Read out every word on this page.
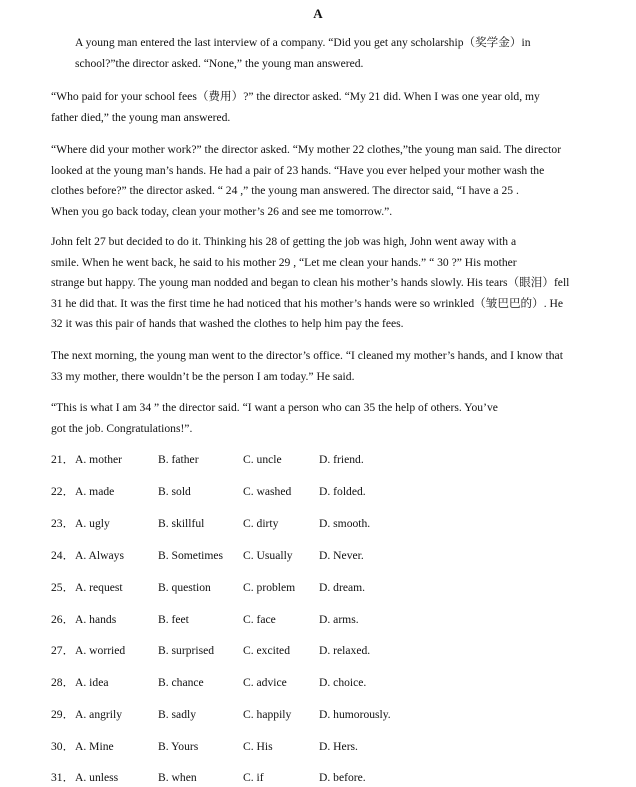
A

A young man entered the last interview of a company. “Did you get any scholarship（奖学金）in
school?”the director asked. “None,” the young man answered.

“Who paid for your school fees（费用）?” the director asked. “My 21 did. When I was one year old, my
father died,” the young man answered.

“Where did your mother work?” the director asked. “My mother 22 clothes,”the young man said. The director
looked at the young man’s hands. He had a pair of 23 hands. “Have you ever helped your mother wash the
clothes before?” the director asked. “ 24 ,” the young man answered. The director said, “I have a 25 .
When you go back today, clean your mother’s 26 and see me tomorrow.”.

John felt 27 but decided to do it. Thinking his 28 of getting the job was high, John went away with a
smile. When he went back, he said to his mother 29 , “Let me clean your hands.” “ 30 ?” His mother
strange but happy. The young man nodded and began to clean his mother’s hands slowly. His tears（眼泪）fell
31 he did that. It was the first time he had noticed that his mother’s hands were so wrinkled（皱巴巴的）. He
32 it was this pair of hands that washed the clothes to help him pay the fees.

The next morning, the young man went to the director’s office. “I cleaned my mother’s hands, and I know that
33 my mother, there wouldn’t be the person I am today.” He said.

“This is what I am 34 ” the director said. “I want a person who can 35 the help of others. You’ve
got the job. Congratulations!”.

21． A. mother	B. father	C. uncle	D. friend.
22． A. made	B. sold	C. washed D. folded.
23． A. ugly	B. skillful	C. dirty	D. smooth.
24． A. Always	B. Sometimes C. Usually D. Never.
25． A. request	B. question	C. problem D. dream.
26． A. hands	B. feet	C. face	D. arms.
27． A. worried	B. surprised C. excited D. relaxed.
28． A. idea	B. chance	C. advice	D. choice.
29． A. angrily	B. sadly	C. happily D. humorously.
30． A. Mine	B. Yours	C. His	D. Hers.
31． A. unless	B. when	C. if	D. before.
